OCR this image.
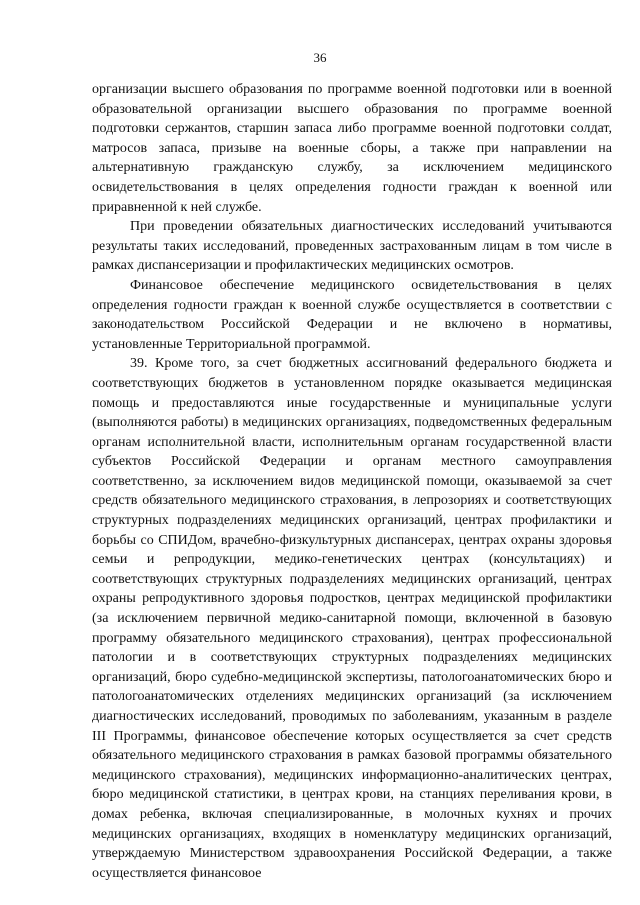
36

организации высшего образования по программе военной подготовки или в военной образовательной организации высшего образования по программе военной подготовки сержантов, старшин запаса либо программе военной подготовки солдат, матросов запаса, призыве на военные сборы, а также при направлении на альтернативную гражданскую службу, за исключением медицинского освидетельствования в целях определения годности граждан к военной или приравненной к ней службе.

При проведении обязательных диагностических исследований учитываются результаты таких исследований, проведенных застрахованным лицам в том числе в рамках диспансеризации и профилактических медицинских осмотров.

Финансовое обеспечение медицинского освидетельствования в целях определения годности граждан к военной службе осуществляется в соответствии с законодательством Российской Федерации и не включено в нормативы, установленные Территориальной программой.

39. Кроме того, за счет бюджетных ассигнований федерального бюджета и соответствующих бюджетов в установленном порядке оказывается медицинская помощь и предоставляются иные государственные и муниципальные услуги (выполняются работы) в медицинских организациях, подведомственных федеральным органам исполнительной власти, исполнительным органам государственной власти субъектов Российской Федерации и органам местного самоуправления соответственно, за исключением видов медицинской помощи, оказываемой за счет средств обязательного медицинского страхования, в лепрозориях и соответствующих структурных подразделениях медицинских организаций, центрах профилактики и борьбы со СПИДом, врачебно-физкультурных диспансерах, центрах охраны здоровья семьи и репродукции, медико-генетических центрах (консультациях) и соответствующих структурных подразделениях медицинских организаций, центрах охраны репродуктивного здоровья подростков, центрах медицинской профилактики (за исключением первичной медико-санитарной помощи, включенной в базовую программу обязательного медицинского страхования), центрах профессиональной патологии и в соответствующих структурных подразделениях медицинских организаций, бюро судебно-медицинской экспертизы, патологоанатомических бюро и патологоанатомических отделениях медицинских организаций (за исключением диагностических исследований, проводимых по заболеваниям, указанным в разделе III Программы, финансовое обеспечение которых осуществляется за счет средств обязательного медицинского страхования в рамках базовой программы обязательного медицинского страхования), медицинских информационно-аналитических центрах, бюро медицинской статистики, в центрах крови, на станциях переливания крови, в домах ребенка, включая специализированные, в молочных кухнях и прочих медицинских организациях, входящих в номенклатуру медицинских организаций, утверждаемую Министерством здравоохранения Российской Федерации, а также осуществляется финансовое
